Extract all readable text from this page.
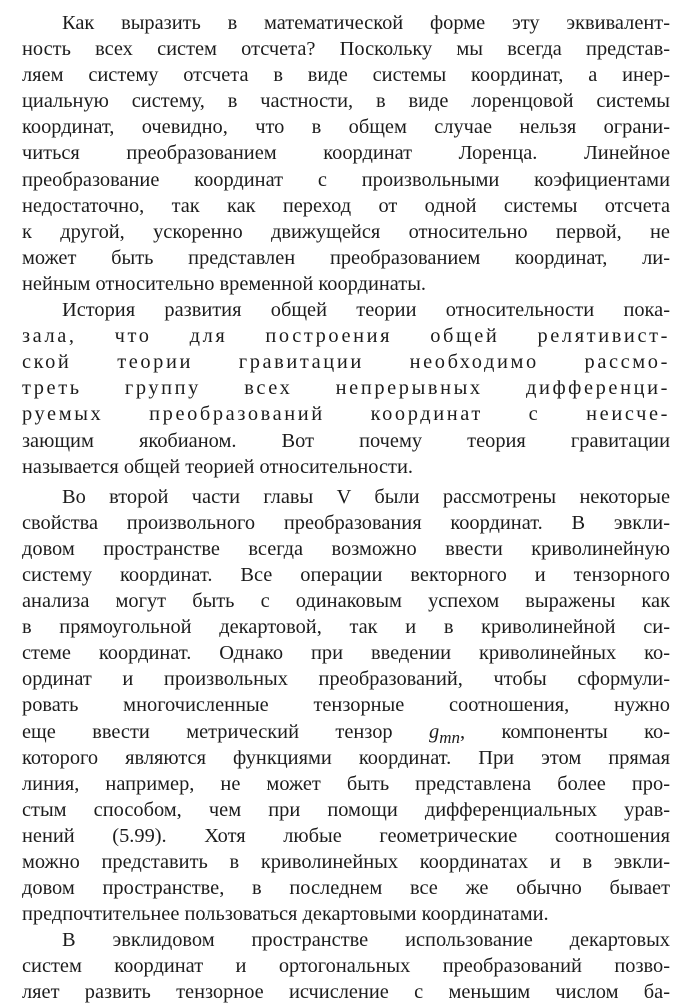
Как выразить в математической форме эту эквивалент-
ность всех систем отсчета? Поскольку мы всегда представ-
ляем систему отсчета в виде системы координат, а инер-
циальную систему, в частности, в виде лоренцовой системы
координат, очевидно, что в общем случае нельзя ограни-
читься преобразованием координат Лоренца. Линейное
преобразование координат с произвольными коэфициентами
недостаточно, так как переход от одной системы отсчета
к другой, ускоренно движущейся относительно первой, не
может быть представлен преобразованием координат, ли-
нейным относительно временной координаты.
История развития общей теории относительности пока-
зала, что для построения общей релятивист-
ской теории гравитации необходимо рассмо-
треть группу всех непрерывных дифференци-
руемых преобразований координат с неисче-
зающим якобианом. Вот почему теория гравитации
называется общей теорией относительности.
Во второй части главы V были рассмотрены некоторые
свойства произвольного преобразования координат. В эвкли-
довом пространстве всегда возможно ввести криволинейную
систему координат. Все операции векторного и тензорного
анализа могут быть с одинаковым успехом выражены как
в прямоугольной декартовой, так и в криволинейной си-
стеме координат. Однако при введении криволинейных ко-
ординат и произвольных преобразований, чтобы сформули-
ровать многочисленные тензорные соотношения, нужно
еще ввести метрический тензор $g_{mn}$, компоненты ко-
которого являются функциями координат. При этом прямая
линия, например, не может быть представлена более про-
стым способом, чем при помощи дифференциальных урав-
нений (5.99). Хотя любые геометрические соотношения
можно представить в криволинейных координатах и в эвкли-
довом пространстве, в последнем все же обычно бывает
предпочтительнее пользоваться декартовыми координатами.
В эвклидовом пространстве использование декартовых
систем координат и ортогональных преобразований позво-
ляет развить тензорное исчисление с меньшим числом ба-
